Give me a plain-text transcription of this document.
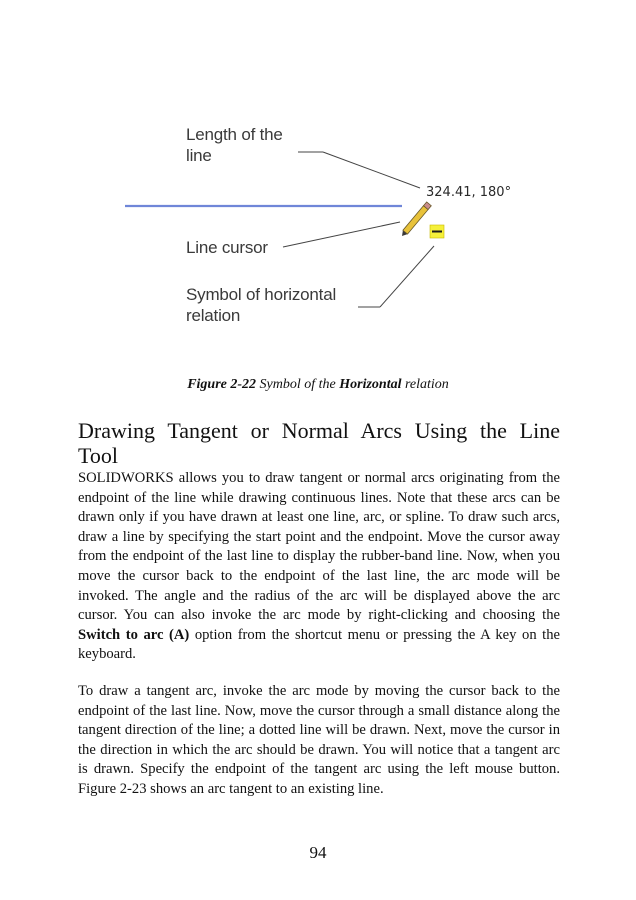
Length of the
line
324.41, 180°
Line cursor
Symbol of horizontal
relation
Figure 2-22 Symbol of the Horizontal relation
Drawing Tangent or Normal Arcs Using the Line
Tool

SOLIDWORKS allows you to draw tangent or normal arcs originating from the endpoint of the line while drawing continuous lines. Note that these arcs can be drawn only if you have drawn at least one line, arc, or spline. To draw such arcs, draw a line by specifying the start point and the endpoint. Move the cursor away from the endpoint of the last line to display the rubber-band line. Now, when you move the cursor back to the endpoint of the last line, the arc mode will be invoked. The angle and the radius of the arc will be displayed above the arc cursor. You can also invoke the arc mode by right-clicking and choosing the Switch to arc (A) option from the shortcut menu or pressing the A key on the keyboard.

To draw a tangent arc, invoke the arc mode by moving the cursor back to the endpoint of the last line. Now, move the cursor through a small distance along the tangent direction of the line; a dotted line will be drawn. Next, move the cursor in the direction in which the arc should be drawn. You will notice that a tangent arc is drawn. Specify the endpoint of the tangent arc using the left mouse button. Figure 2-23 shows an arc tangent to an existing line.

94
